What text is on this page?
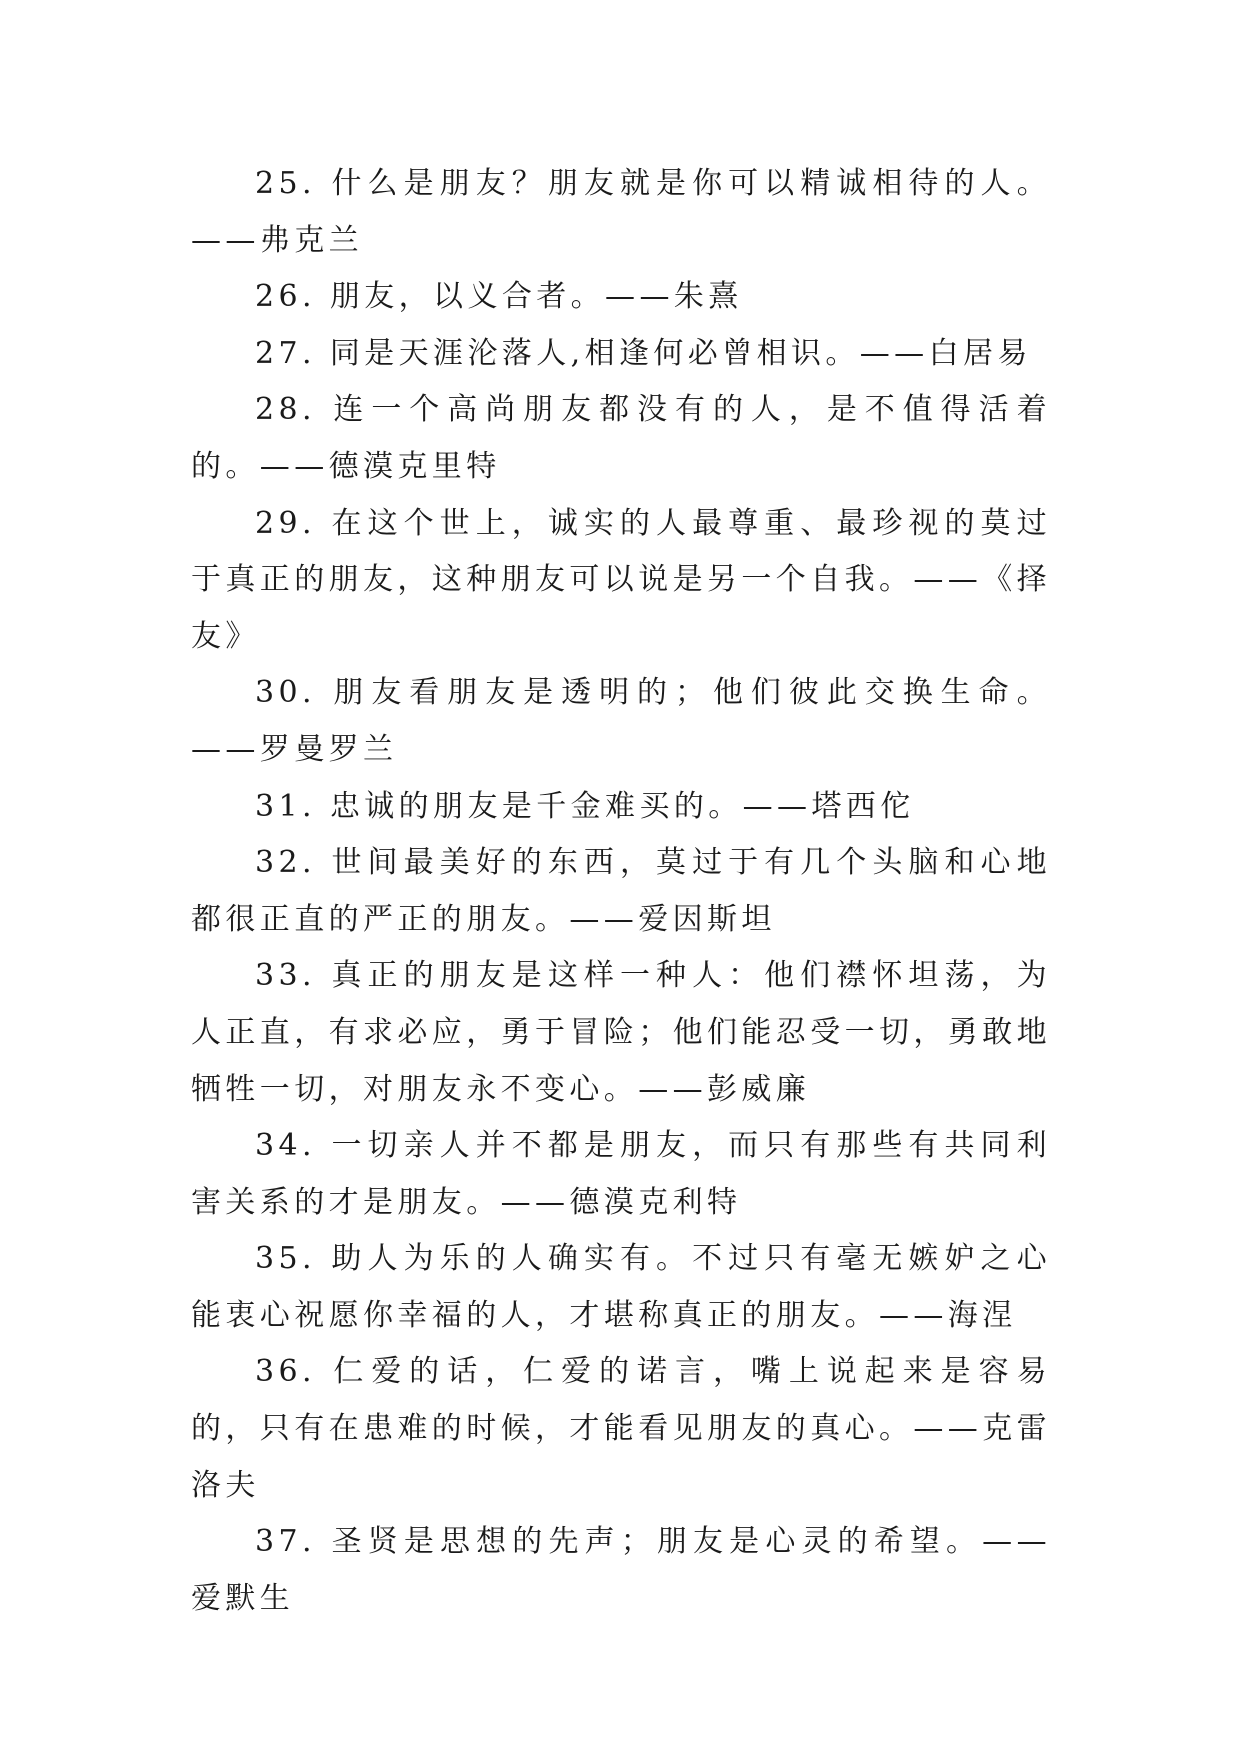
25. 什么是朋友？朋友就是你可以精诚相待的人。——弗克兰

26. 朋友，以义合者。——朱熹

27. 同是天涯沦落人,相逢何必曾相识。——白居易

28. 连一个高尚朋友都没有的人，是不值得活着的。——德漠克里特

29. 在这个世上，诚实的人最尊重、最珍视的莫过于真正的朋友，这种朋友可以说是另一个自我。——《择友》

30. 朋友看朋友是透明的；他们彼此交换生命。——罗曼罗兰

31. 忠诚的朋友是千金难买的。——塔西佗

32. 世间最美好的东西，莫过于有几个头脑和心地都很正直的严正的朋友。——爱因斯坦

33. 真正的朋友是这样一种人：他们襟怀坦荡，为人正直，有求必应，勇于冒险；他们能忍受一切，勇敢地牺牲一切，对朋友永不变心。——彭威廉

34. 一切亲人并不都是朋友，而只有那些有共同利害关系的才是朋友。——德漠克利特

35. 助人为乐的人确实有。不过只有毫无嫉妒之心能衷心祝愿你幸福的人，才堪称真正的朋友。——海涅

36. 仁爱的话，仁爱的诺言，嘴上说起来是容易的，只有在患难的时候，才能看见朋友的真心。——克雷洛夫

37. 圣贤是思想的先声；朋友是心灵的希望。——爱默生
